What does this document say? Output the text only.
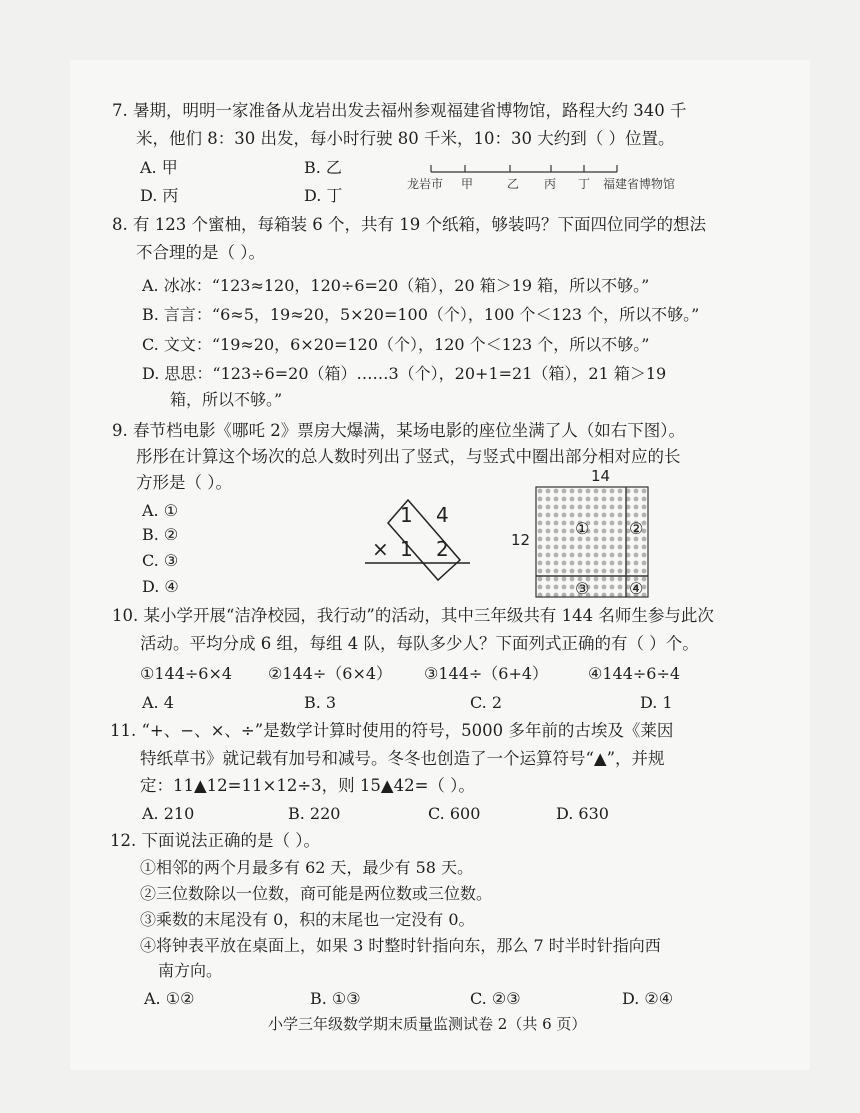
7. 暑期，明明一家准备从龙岩出发去福州参观福建省博物馆，路程大约 340 千
米，他们 8：30 出发，每小时行驶 80 千米，10：30 大约到（ ）位置。
A. 甲	B. 乙
D. 丙	D. 丁
龙岩市 甲	乙 丙 丁 福建省博物馆
8. 有 123 个蜜柚，每箱装 6 个，共有 19 个纸箱，够装吗？下面四位同学的想法
不合理的是（ ）。
A. 冰冰：“123≈120，120÷6=20（箱），20 箱＞19 箱，所以不够。”
B. 言言：“6≈5，19≈20，5×20=100（个），100 个＜123 个，所以不够。”
C. 文文：“19≈20，6×20=120（个），120 个＜123 个，所以不够。”
D. 思思：“123÷6=20（箱）……3（个），20+1=21（箱），21 箱＞19
箱，所以不够。”
9. 春节档电影《哪吒 2》票房大爆满，某场电影的座位坐满了人（如右下图）。
彤彤在计算这个场次的总人数时列出了竖式，与竖式中圈出部分相对应的长
方形是（ ）。
A. ①
B. ②
C. ③
D. ④
1 4
× 1 2
14
12
① ②
③ ④
10. 某小学开展“洁净校园，我行动”的活动，其中三年级共有 144 名师生参与此次
活动。平均分成 6 组，每组 4 队，每队多少人？下面列式正确的有（ ）个。
①144÷6×4 ②144÷（6×4） ③144÷（6+4） ④144÷6÷4
A. 4	B. 3	C. 2	D. 1
11. “+、−、×、÷”是数学计算时使用的符号，5000 多年前的古埃及《莱因
特纸草书》就记载有加号和减号。冬冬也创造了一个运算符号“▲”，并规
定：11▲12=11×12÷3，则 15▲42=（ ）。
A. 210	B. 220	C. 600	D. 630
12. 下面说法正确的是（ ）。
①相邻的两个月最多有 62 天，最少有 58 天。
②三位数除以一位数，商可能是两位数或三位数。
③乘数的末尾没有 0，积的末尾也一定没有 0。
④将钟表平放在桌面上，如果 3 时整时针指向东，那么 7 时半时针指向西
南方向。
A. ①②	B. ①③	C. ②③	D. ②④
小学三年级数学期末质量监测试卷 2（共 6 页）
